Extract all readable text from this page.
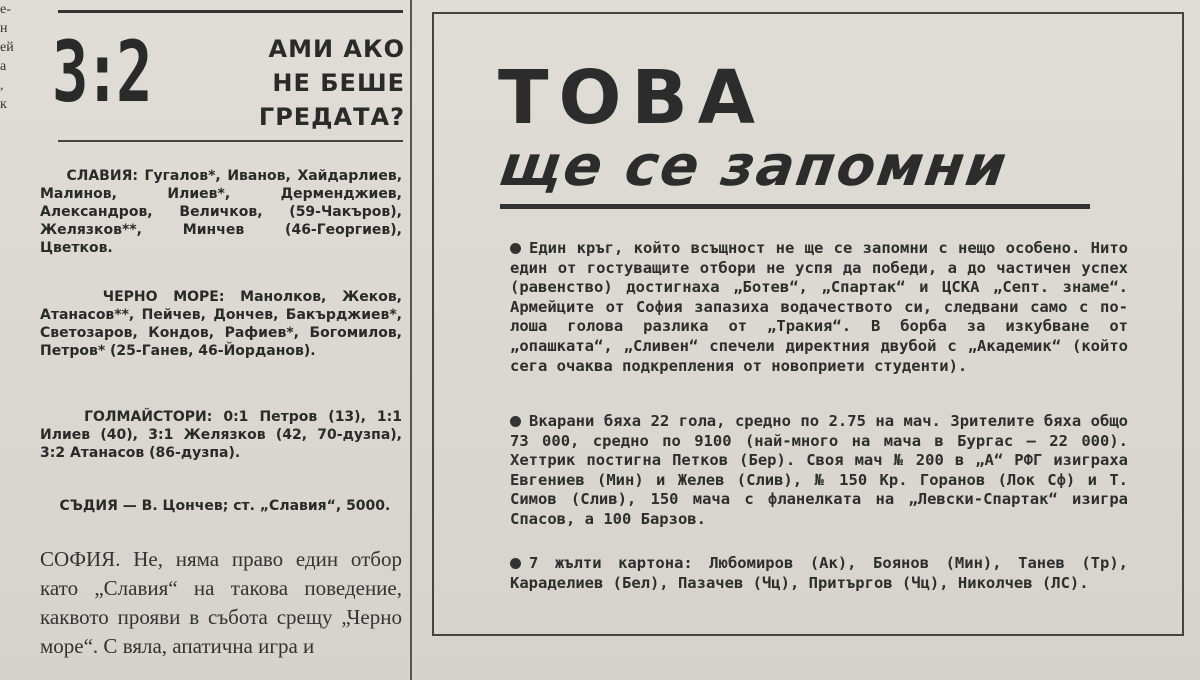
е-
н
ей
а
,
к 3:2	АМИ АКО
НЕ БЕШЕ
ГРЕДАТА?
СЛАВИЯ: Гугалов*, Иванов, Хайдарлиев, Малинов, Илиев*, Дерменджиев, Александров, Величков, (59-Чакъров), Желязков**, Минчев (46-Георгиев), Цветков.
ЧЕРНО МОРЕ: Манолков, Жеков, Атанасов**, Пейчев, Дончев, Бакърджиев*, Светозаров, Кондов, Рафиев*, Богомилов, Петров* (25-Ганев, 46-Йорданов).
ГОЛМАЙСТОРИ: 0:1 Петров (13), 1:1 Илиев (40), 3:1 Желязков (42, 70-дузпа), 3:2 Атанасов (86-дузпа).
СЪДИЯ — В. Цончев; ст. „Славия“, 5000.
СОФИЯ. Не, няма право един отбор като „Славия“ на такова поведение, каквото прояви в събота срещу „Черно море“. С вяла, апатична игра и
ТОВА
ще се запомни
Един кръг, който всъщност не ще се запомни с нещо особено. Нито един от гостуващите отбори не успя да победи, а до частичен успех (равенство) достигнаха „Ботев“, „Спартак“ и ЦСКА „Септ. знаме“. Армейците от София запазиха водачеството си, следвани само с по-лоша голова разлика от „Тракия“. В борба за изкубване от „опашката“, „Сливен“ спечели директния двубой с „Академик“ (който сега очаква подкрепления от новоприети студенти).
Вкарани бяха 22 гола, средно по 2.75 на мач. Зрителите бяха общо 73 000, средно по 9100 (най-много на мача в Бургас — 22 000). Хеттрик постигна Петков (Бер). Своя мач № 200 в „А“ РФГ изиграха Евгениев (Мин) и Желев (Слив), № 150 Кр. Горанов (Лок Сф) и Т. Симов (Слив), 150 мача с фланелката на „Левски-Спартак“ изигра Спасов, а 100 Барзов.
7 жълти картона: Любомиров (Ак), Боянов (Мин), Танев (Тр), Караделиев (Бел), Пазачев (Чц), Притъргов (Чц), Николчев (ЛС).
